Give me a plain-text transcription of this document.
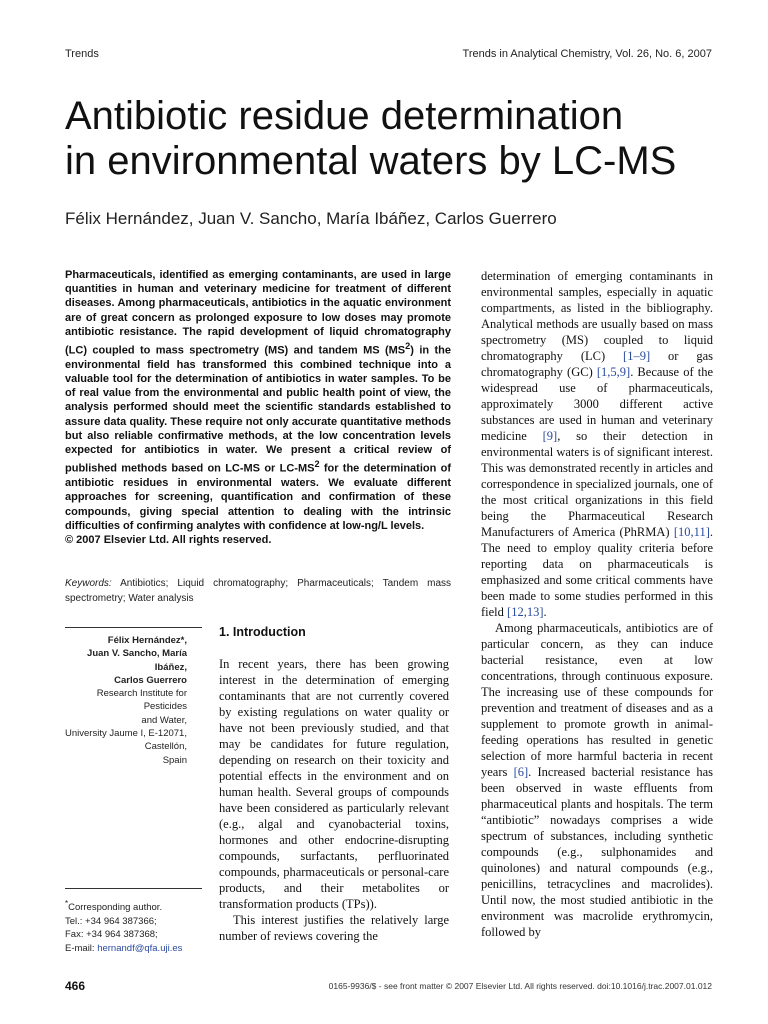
Trends	Trends in Analytical Chemistry, Vol. 26, No. 6, 2007
Antibiotic residue determination
in environmental waters by LC-MS
Félix Hernández, Juan V. Sancho, María Ibáñez, Carlos Guerrero
Pharmaceuticals, identified as emerging contaminants, are used in large quantities in human and veterinary medicine for treatment of different diseases. Among pharmaceuticals, antibiotics in the aquatic environment are of great concern as prolonged exposure to low doses may promote antibiotic resistance. The rapid development of liquid chromatography (LC) coupled to mass spectrometry (MS) and tandem MS $(MS^2)$ in the environmental field has transformed this combined technique into a valuable tool for the determination of antibiotics in water samples. To be of real value from the environmental and public health point of view, the analysis performed should meet the scientific standards established to assure data quality. These require not only accurate quantitative methods but also reliable confirmative methods, at the low concentration levels expected for antibiotics in water. We present a critical review of published methods based on LC-MS or $LC-MS^2$ for the determination of antibiotic residues in environmental waters. We evaluate different approaches for screening, quantification and confirmation of these compounds, giving special attention to dealing with the intrinsic difficulties of confirming analytes with confidence at low-ng/L levels.
© 2007 Elsevier Ltd. All rights reserved.
Keywords: Antibiotics; Liquid chromatography; Pharmaceuticals; Tandem mass spectrometry; Water analysis
Félix Hernández*,
Juan V. Sancho, María Ibáñez,
Carlos Guerrero
Research Institute for Pesticides
and Water,
University Jaume I, E-12071,
Castellón,
Spain
*Corresponding author.
Tel.: +34 964 387366;
Fax: +34 964 387368;
E-mail: hernandf@qfa.uji.es
1. Introduction

In recent years, there has been growing interest in the determination of emerging contaminants that are not currently covered by existing regulations on water quality or have not been previously studied, and that may be candidates for future regulation, depending on research on their toxicity and potential effects in the environment and on human health. Several groups of compounds have been considered as particularly relevant (e.g., algal and cyanobacterial toxins, hormones and other endocrine-disrupting compounds, surfactants, perfluorinated compounds, pharmaceuticals or personal-care products, and their metabolites or transformation products (TPs)).

This interest justifies the relatively large number of reviews covering the

determination of emerging contaminants in environmental samples, especially in aquatic compartments, as listed in the bibliography. Analytical methods are usually based on mass spectrometry (MS) coupled to liquid chromatography (LC) [1–9] or gas chromatography (GC) [1,5,9]. Because of the widespread use of pharmaceuticals, approximately 3000 different active substances are used in human and veterinary medicine [9], so their detection in environmental waters is of significant interest. This was demonstrated recently in articles and correspondence in specialized journals, one of the most critical organizations in this field being the Pharmaceutical Research Manufacturers of America (PhRMA) [10,11]. The need to employ quality criteria before reporting data on pharmaceuticals is emphasized and some critical comments have been made to some studies performed in this field [12,13].

Among pharmaceuticals, antibiotics are of particular concern, as they can induce bacterial resistance, even at low concentrations, through continuous exposure. The increasing use of these compounds for prevention and treatment of diseases and as a supplement to promote growth in animal-feeding operations has resulted in genetic selection of more harmful bacteria in recent years [6]. Increased bacterial resistance has been observed in waste effluents from pharmaceutical plants and hospitals. The term “antibiotic” nowadays comprises a wide spectrum of substances, including synthetic compounds (e.g., sulphonamides and quinolones) and natural compounds (e.g., penicillins, tetracyclines and macrolides). Until now, the most studied antibiotic in the environment was macrolide erythromycin, followed by

466	0165-9936/$ - see front matter © 2007 Elsevier Ltd. All rights reserved. doi:10.1016/j.trac.2007.01.012
